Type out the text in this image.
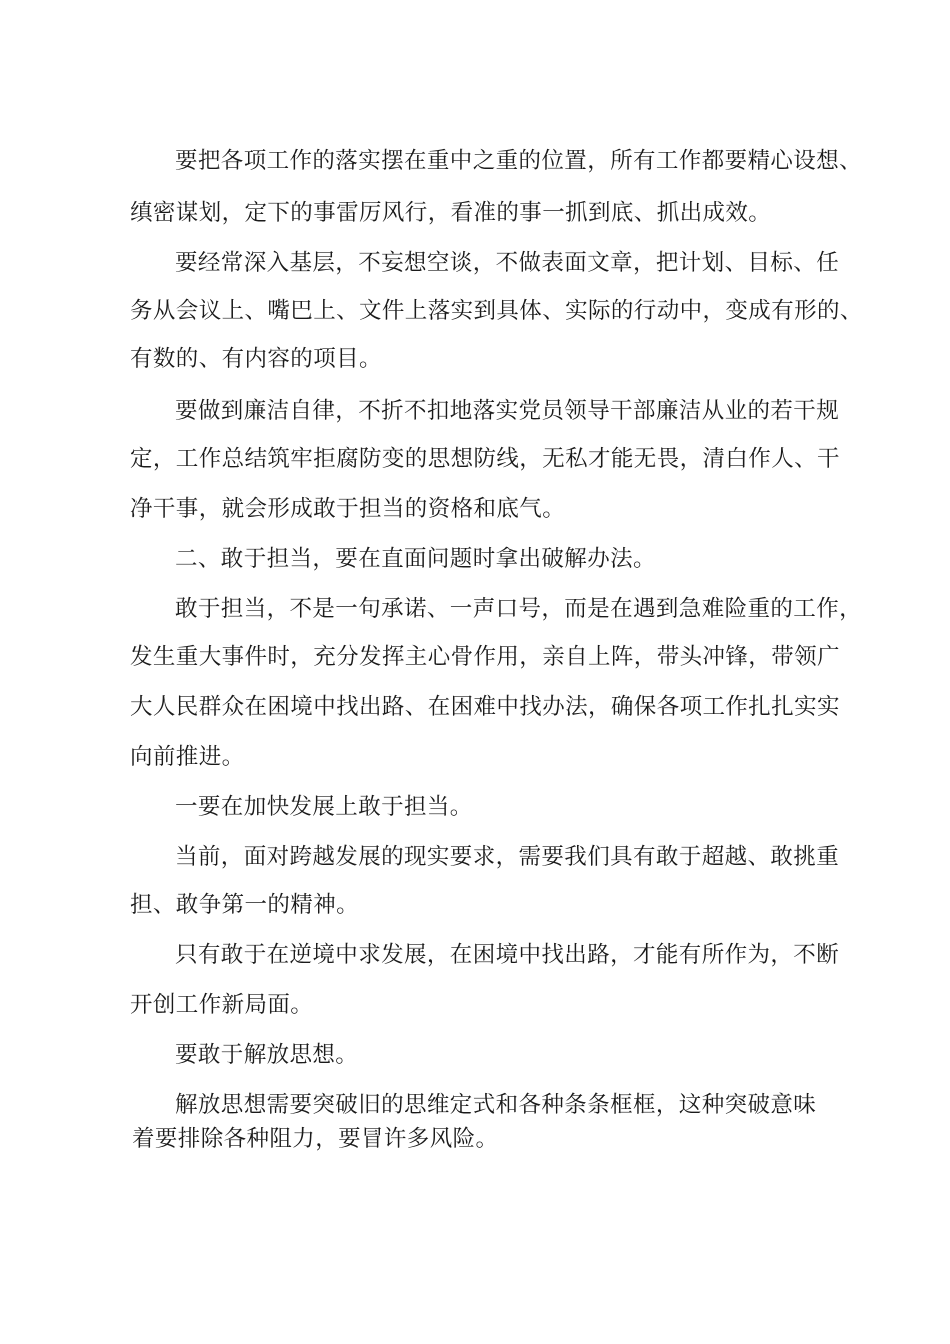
要把各项工作的落实摆在重中之重的位置，所有工作都要精心设想、

缜密谋划，定下的事雷厉风行，看准的事一抓到底、抓出成效。

要经常深入基层，不妄想空谈，不做表面文章，把计划、目标、任

务从会议上、嘴巴上、文件上落实到具体、实际的行动中，变成有形的、

有数的、有内容的项目。

要做到廉洁自律，不折不扣地落实党员领导干部廉洁从业的若干规

定，工作总结筑牢拒腐防变的思想防线，无私才能无畏，清白作人、干

净干事，就会形成敢于担当的资格和底气。

二、敢于担当，要在直面问题时拿出破解办法。

敢于担当，不是一句承诺、一声口号，而是在遇到急难险重的工作，

发生重大事件时，充分发挥主心骨作用，亲自上阵，带头冲锋，带领广

大人民群众在困境中找出路、在困难中找办法，确保各项工作扎扎实实

向前推进。

一要在加快发展上敢于担当。

当前，面对跨越发展的现实要求，需要我们具有敢于超越、敢挑重

担、敢争第一的精神。

只有敢于在逆境中求发展，在困境中找出路，才能有所作为，不断

开创工作新局面。

要敢于解放思想。

解放思想需要突破旧的思维定式和各种条条框框，这种突破意味

着要排除各种阻力，要冒许多风险。
